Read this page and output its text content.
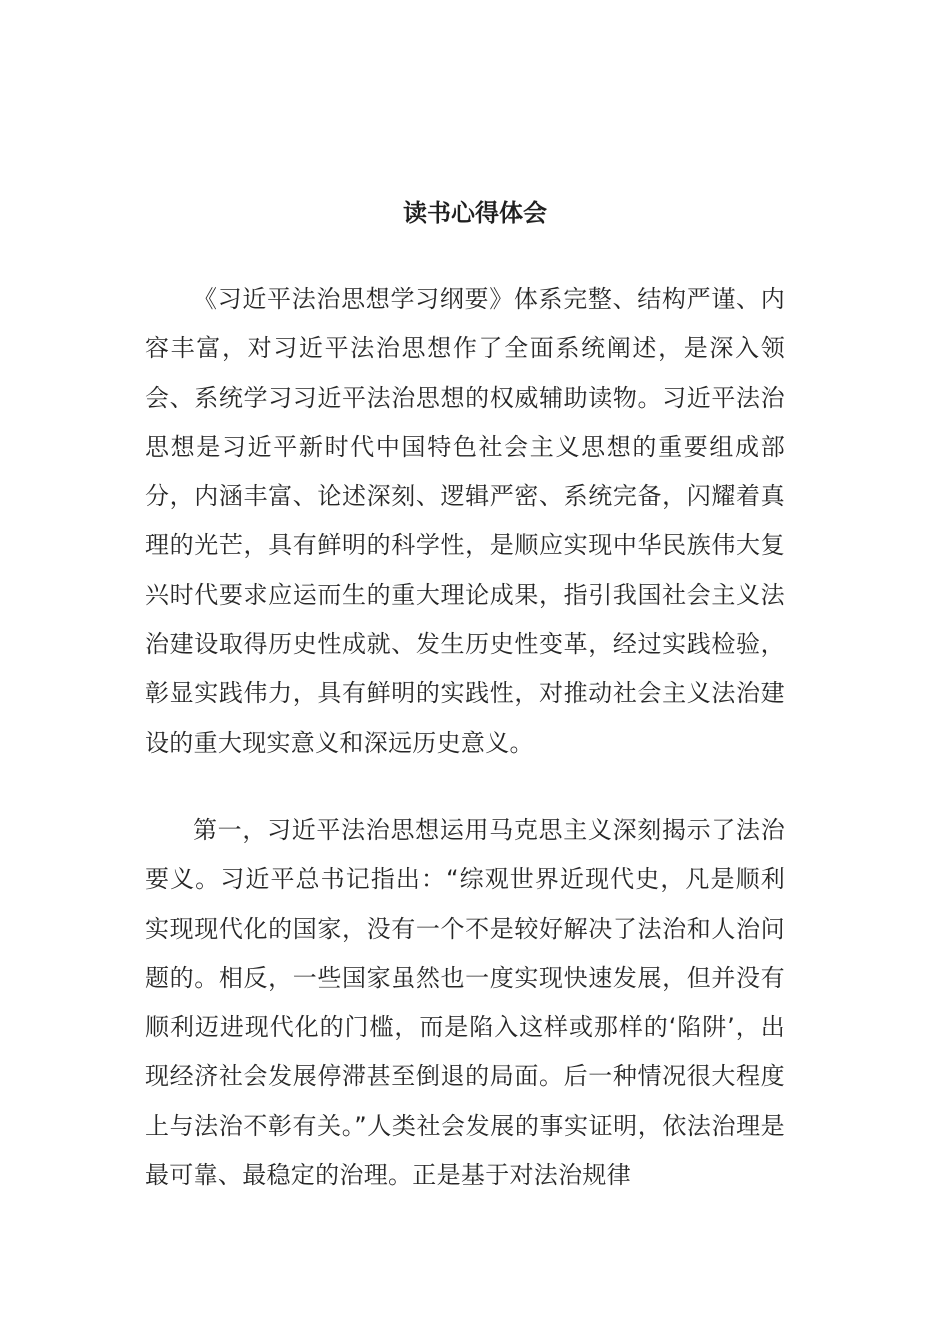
读书心得体会

《习近平法治思想学习纲要》体系完整、结构严谨、内容丰富，对习近平法治思想作了全面系统阐述，是深入领会、系统学习习近平法治思想的权威辅助读物。习近平法治思想是习近平新时代中国特色社会主义思想的重要组成部分，内涵丰富、论述深刻、逻辑严密、系统完备，闪耀着真理的光芒，具有鲜明的科学性，是顺应实现中华民族伟大复兴时代要求应运而生的重大理论成果，指引我国社会主义法治建设取得历史性成就、发生历史性变革，经过实践检验，彰显实践伟力，具有鲜明的实践性，对推动社会主义法治建设的重大现实意义和深远历史意义。

第一，习近平法治思想运用马克思主义深刻揭示了法治要义。习近平总书记指出：“综观世界近现代史，凡是顺利实现现代化的国家，没有一个不是较好解决了法治和人治问题的。相反，一些国家虽然也一度实现快速发展，但并没有顺利迈进现代化的门槛，而是陷入这样或那样的‘陷阱’，出现经济社会发展停滞甚至倒退的局面。后一种情况很大程度上与法治不彰有关。”人类社会发展的事实证明，依法治理是最可靠、最稳定的治理。正是基于对法治规律
